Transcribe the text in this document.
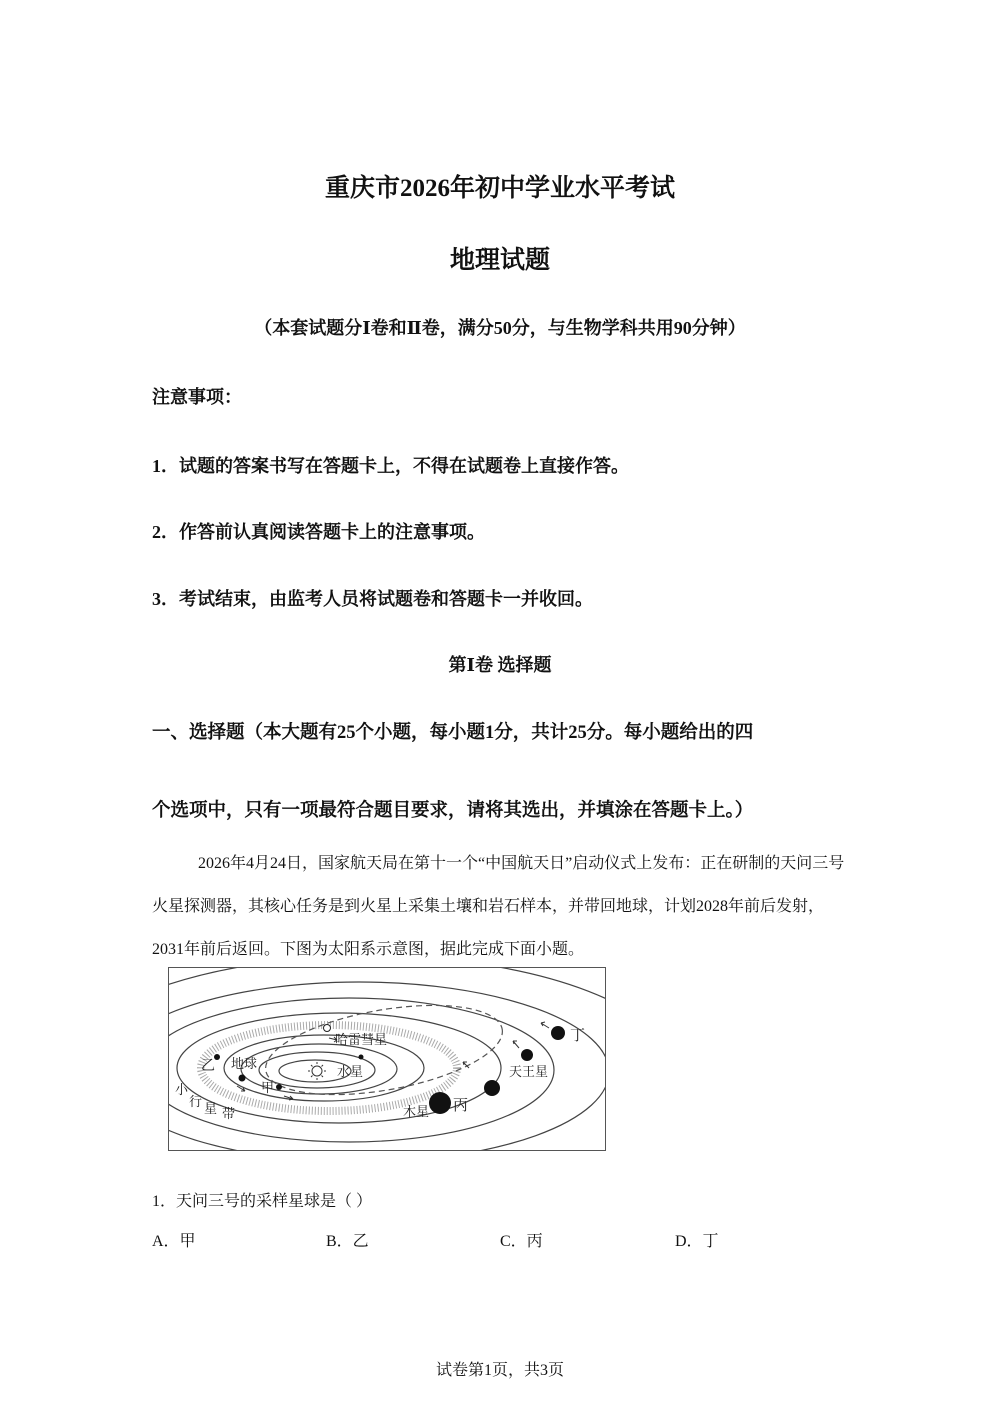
重庆市2026年初中学业水平考试
地理试题
（本套试题分Ⅰ卷和Ⅱ卷，满分50分，与生物学科共用90分钟）
注意事项：
1．试题的答案书写在答题卡上，不得在试题卷上直接作答。
2．作答前认真阅读答题卡上的注意事项。
3．考试结束，由监考人员将试题卷和答题卡一并收回。
第Ⅰ卷 选择题
一、选择题（本大题有25个小题，每小题1分，共计25分。每小题给出的四
个选项中，只有一项最符合题目要求，请将其选出，并填涂在答题卡上。）
2026年4月24日，国家航天局在第十一个“中国航天日”启动仪式上发布：正在研制的天问三号火星探测器，其核心任务是到火星上采集土壤和岩石样本，并带回地球，计划2028年前后发射，2031年前后返回。下图为太阳系示意图，据此完成下面小题。
哈雷彗星
乙 地球
水星
甲
小
行 星 带
丁
天王星
木星 丙
1．天问三号的采样星球是（ ）
A．甲	B．乙	C．丙	D．丁
试卷第1页，共3页
